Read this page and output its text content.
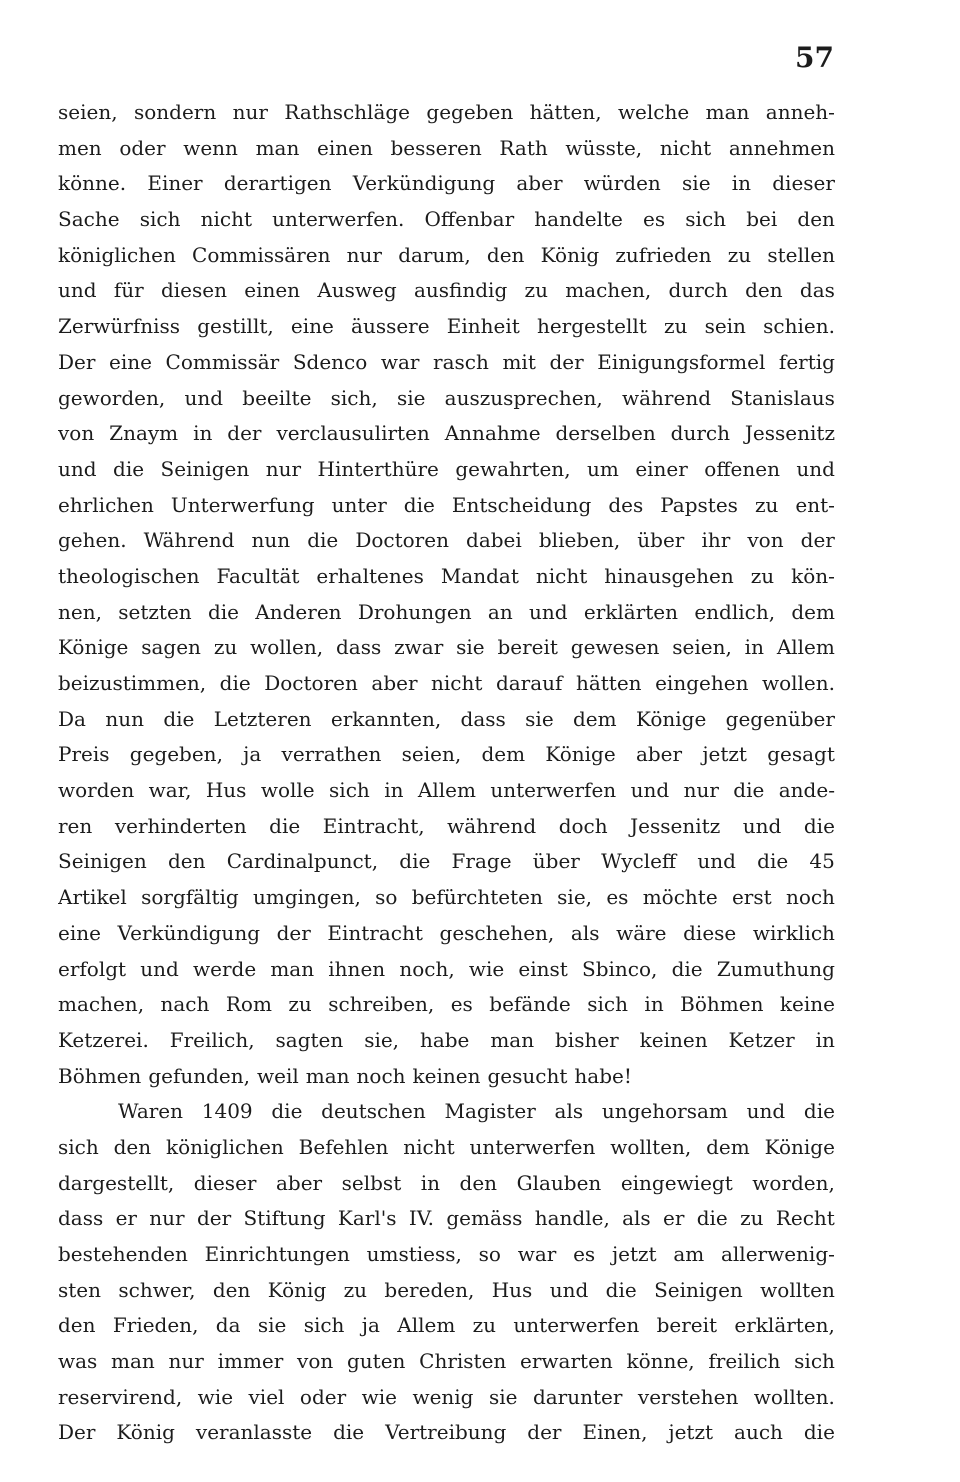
57
seien, sondern nur Rathschläge gegeben hätten, welche man anneh-
men oder wenn man einen besseren Rath wüsste, nicht annehmen
könne. Einer derartigen Verkündigung aber würden sie in dieser
Sache sich nicht unterwerfen. Offenbar handelte es sich bei den
königlichen Commissären nur darum, den König zufrieden zu stellen
und für diesen einen Ausweg ausfindig zu machen, durch den das
Zerwürfniss gestillt, eine äussere Einheit hergestellt zu sein schien.
Der eine Commissär Sdenco war rasch mit der Einigungsformel fertig
geworden, und beeilte sich, sie auszusprechen, während Stanislaus
von Znaym in der verclausulirten Annahme derselben durch Jessenitz
und die Seinigen nur Hinterthüre gewahrten, um einer offenen und
ehrlichen Unterwerfung unter die Entscheidung des Papstes zu ent-
gehen. Während nun die Doctoren dabei blieben, über ihr von der
theologischen Facultät erhaltenes Mandat nicht hinausgehen zu kön-
nen, setzten die Anderen Drohungen an und erklärten endlich, dem
Könige sagen zu wollen, dass zwar sie bereit gewesen seien, in Allem
beizustimmen, die Doctoren aber nicht darauf hätten eingehen wollen.
Da nun die Letzteren erkannten, dass sie dem Könige gegenüber
Preis gegeben, ja verrathen seien, dem Könige aber jetzt gesagt
worden war, Hus wolle sich in Allem unterwerfen und nur die ande-
ren verhinderten die Eintracht, während doch Jessenitz und die
Seinigen den Cardinalpunct, die Frage über Wycleff und die 45
Artikel sorgfältig umgingen, so befürchteten sie, es möchte erst noch
eine Verkündigung der Eintracht geschehen, als wäre diese wirklich
erfolgt und werde man ihnen noch, wie einst Sbinco, die Zumuthung
machen, nach Rom zu schreiben, es befände sich in Böhmen keine
Ketzerei. Freilich, sagten sie, habe man bisher keinen Ketzer in
Böhmen gefunden, weil man noch keinen gesucht habe!
Waren 1409 die deutschen Magister als ungehorsam und die
sich den königlichen Befehlen nicht unterwerfen wollten, dem Könige
dargestellt, dieser aber selbst in den Glauben eingewiegt worden,
dass er nur der Stiftung Karl's IV. gemäss handle, als er die zu Recht
bestehenden Einrichtungen umstiess, so war es jetzt am allerwenig-
sten schwer, den König zu bereden, Hus und die Seinigen wollten
den Frieden, da sie sich ja Allem zu unterwerfen bereit erklärten,
was man nur immer von guten Christen erwarten könne, freilich sich
reservirend, wie viel oder wie wenig sie darunter verstehen wollten.
Der König veranlasste die Vertreibung der Einen, jetzt auch die
